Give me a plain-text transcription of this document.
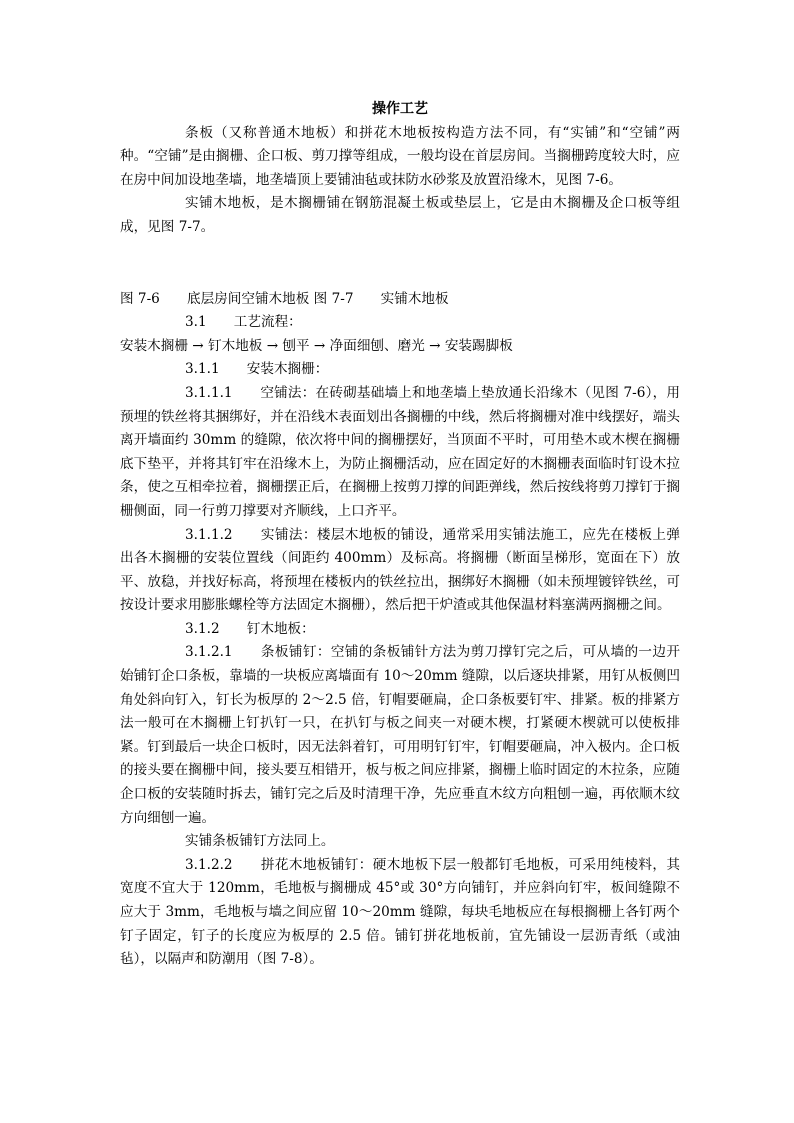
操作工艺

条板（又称普通木地板）和拼花木地板按构造方法不同，有“实铺”和“空铺”两种。“空铺”是由搁栅、企口板、剪刀撑等组成，一般均设在首层房间。当搁栅跨度较大时，应在房中间加设地垄墙，地垄墙顶上要铺油毡或抹防水砂浆及放置沿缘木，见图 7-6。

实铺木地板，是木搁栅铺在钢筋混凝土板或垫层上，它是由木搁栅及企口板等组成，见图 7-7。

图 7-6　　底层房间空铺木地板 图 7-7　　实铺木地板

3.1　　工艺流程：

安装木搁栅 → 钉木地板 → 刨平 → 净面细刨、磨光 → 安装踢脚板

3.1.1　　安装木搁栅：

3.1.1.1　　空铺法：在砖砌基础墙上和地垄墙上垫放通长沿缘木（见图 7-6），用预埋的铁丝将其捆绑好，并在沿线木表面划出各搁栅的中线，然后将搁栅对准中线摆好，端头离开墙面约 30mm 的缝隙，依次将中间的搁栅摆好，当顶面不平时，可用垫木或木楔在搁栅底下垫平，并将其钉牢在沿缘木上，为防止搁栅活动，应在固定好的木搁栅表面临时钉设木拉条，使之互相牵拉着，搁栅摆正后，在搁栅上按剪刀撑的间距弹线，然后按线将剪刀撑钉于搁栅侧面，同一行剪刀撑要对齐顺线，上口齐平。

3.1.1.2　　实铺法：楼层木地板的铺设，通常采用实铺法施工，应先在楼板上弹出各木搁栅的安装位置线（间距约 400mm）及标高。将搁栅（断面呈梯形，宽面在下）放平、放稳，并找好标高，将预埋在楼板内的铁丝拉出，捆绑好木搁栅（如未预埋镀锌铁丝，可按设计要求用膨胀螺栓等方法固定木搁栅），然后把干炉渣或其他保温材料塞满两搁栅之间。

3.1.2　　钉木地板：

3.1.2.1　　条板铺钉：空铺的条板铺针方法为剪刀撑钉完之后，可从墙的一边开始铺钉企口条板，靠墙的一块板应离墙面有 10～20mm 缝隙，以后逐块排紧，用钉从板侧凹角处斜向钉入，钉长为板厚的 2～2.5 倍，钉帽要砸扁，企口条板要钉牢、排紧。板的排紧方法一般可在木搁栅上钉扒钉一只，在扒钉与板之间夹一对硬木楔，打紧硬木楔就可以使板排紧。钉到最后一块企口板时，因无法斜着钉，可用明钉钉牢，钉帽要砸扁，冲入极内。企口板的接头要在搁栅中间，接头要互相错开，板与板之间应排紧，搁栅上临时固定的木拉条，应随企口板的安装随时拆去，铺钉完之后及时清理干净，先应垂直木纹方向粗刨一遍，再依顺木纹方向细刨一遍。

实铺条板铺钉方法同上。

3.1.2.2　　拼花木地板铺钉：硬木地板下层一般都钉毛地板，可采用纯棱料，其宽度不宜大于 120mm，毛地板与搁栅成 45°或 30°方向铺钉，并应斜向钉牢，板间缝隙不应大于 3mm，毛地板与墙之间应留 10～20mm 缝隙，每块毛地板应在每根搁栅上各钉两个钉子固定，钉子的长度应为板厚的 2.5 倍。铺钉拼花地板前，宜先铺设一层沥青纸（或油毡），以隔声和防潮用（图 7-8）。
